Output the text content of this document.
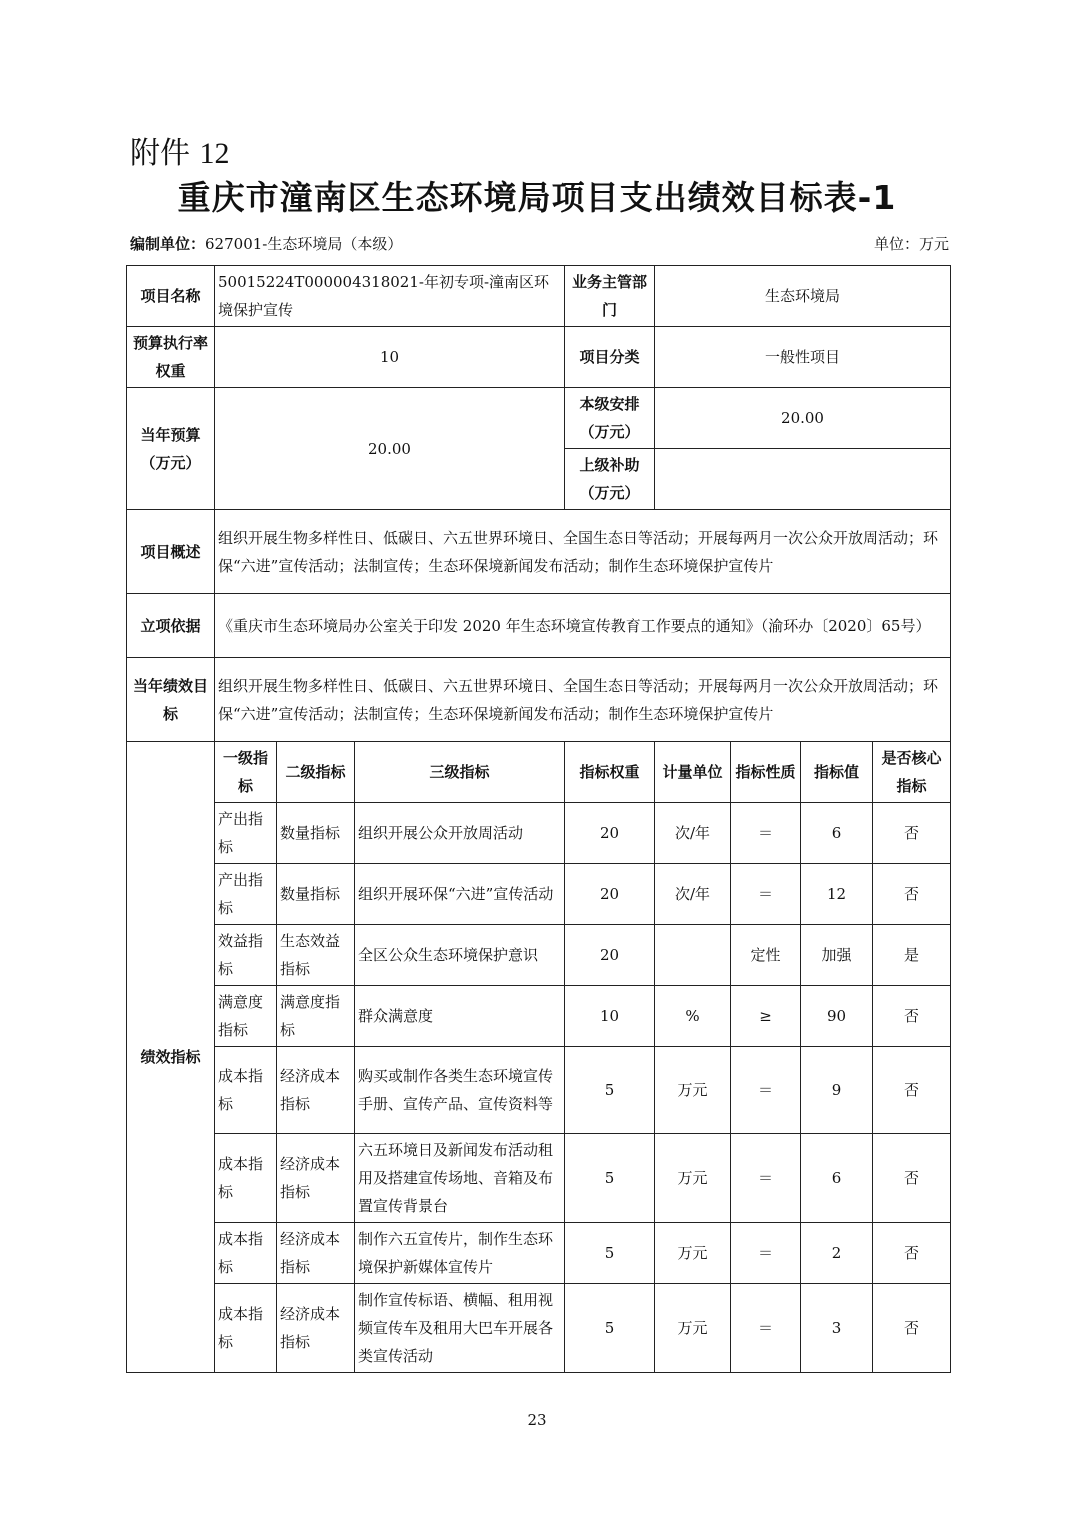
附件 12
重庆市潼南区生态环境局项目支出绩效目标表-1
编制单位：627001-生态环境局（本级）	单位：万元
项目名称	50015224T000004318021-年初专项-潼南区环境保护宣传			业务主管部门	生态环境局			
预算执行率权重	10			项目分类	一般性项目			
当年预算（万元）	20.00			本级安排（万元）	20.00			
				上级补助（万元）				
项目概述	组织开展生物多样性日、低碳日、六五世界环境日、全国生态日等活动；开展每两月一次公众开放周活动；环保“六进”宣传活动；法制宣传；生态环保境新闻发布活动；制作生态环境保护宣传片							
立项依据	《重庆市生态环境局办公室关于印发 2020 年生态环境宣传教育工作要点的通知》（渝环办〔2020〕65号）							
当年绩效目标	组织开展生物多样性日、低碳日、六五世界环境日、全国生态日等活动；开展每两月一次公众开放周活动；环保“六进”宣传活动；法制宣传；生态环保境新闻发布活动；制作生态环境保护宣传片							
绩效指标	一级指标	二级指标	三级指标	指标权重	计量单位	指标性质	指标值	是否核心指标
	产出指标	数量指标	组织开展公众开放周活动	20	次/年	＝	6	否
	产出指标	数量指标	组织开展环保“六进”宣传活动	20	次/年	＝	12	否
	效益指标	生态效益指标	全区公众生态环境保护意识	20		定性	加强	是
	满意度指标	满意度指标	群众满意度	10	%	≥	90	否
	成本指标	经济成本指标	购买或制作各类生态环境宣传手册、宣传产品、宣传资料等	5	万元	＝	9	否
	成本指标	经济成本指标	六五环境日及新闻发布活动租用及搭建宣传场地、音箱及布置宣传背景台	5	万元	＝	6	否
	成本指标	经济成本指标	制作六五宣传片，制作生态环境保护新媒体宣传片	5	万元	＝	2	否
	成本指标	经济成本指标	制作宣传标语、横幅、租用视频宣传车及租用大巴车开展各类宣传活动	5	万元	＝	3	否
23
